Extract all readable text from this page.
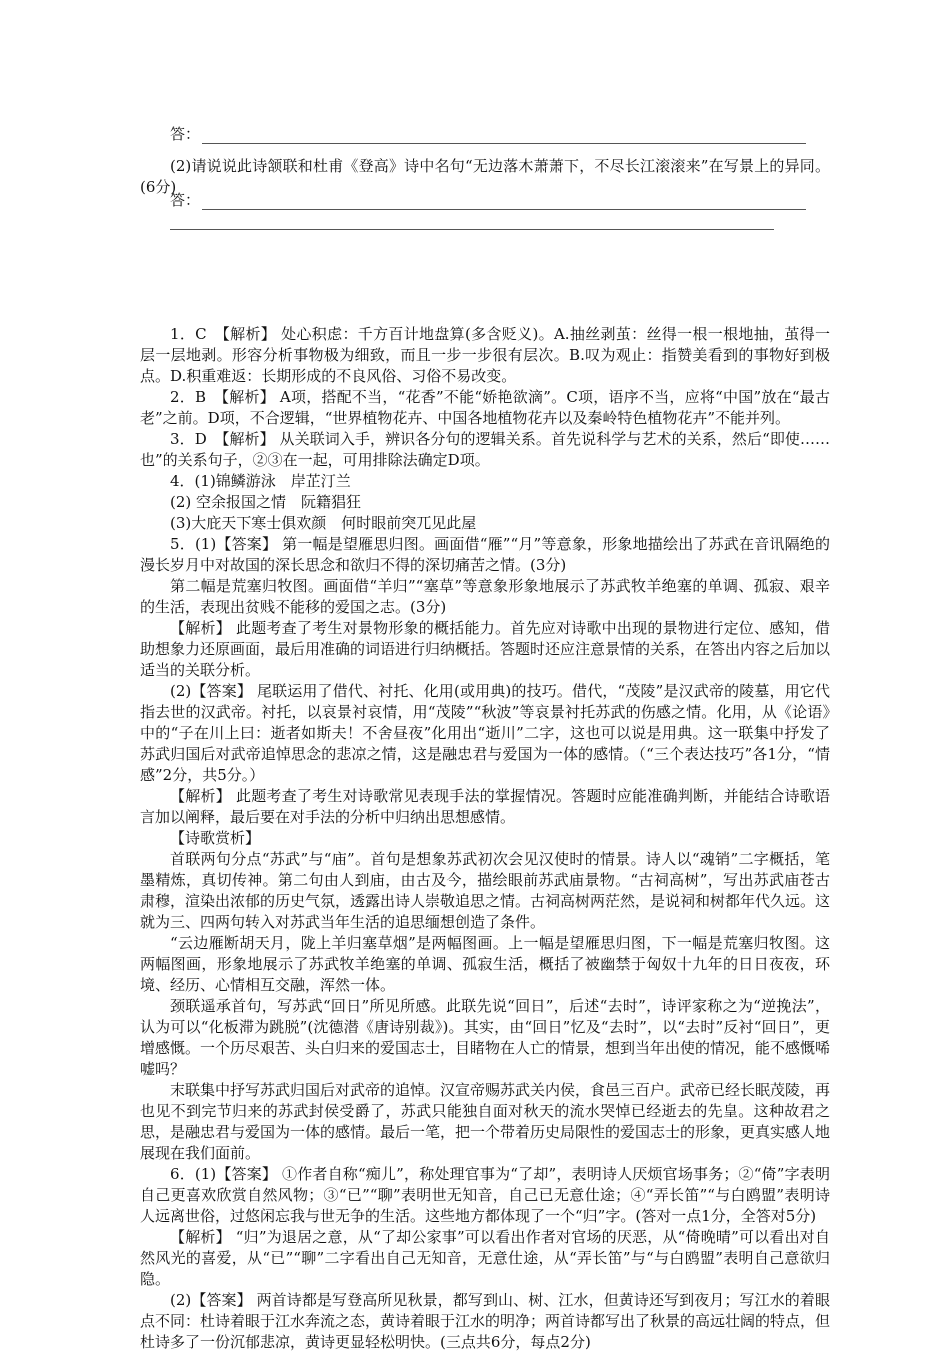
答：

(2)请说说此诗颔联和杜甫《登高》诗中名句“无边落木萧萧下，不尽长江滚滚来”在写景上的异同。(6分)

答：

1．C　【解析】 处心积虑：千方百计地盘算(多含贬义)。A.抽丝剥茧：丝得一根一根地抽，茧得一层一层地剥。形容分析事物极为细致，而且一步一步很有层次。B.叹为观止：指赞美看到的事物好到极点。D.积重难返：长期形成的不良风俗、习俗不易改变。

2．B　【解析】 A项，搭配不当，“花香”不能“娇艳欲滴”。C项，语序不当，应将“中国”放在“最古老”之前。D项，不合逻辑，“世界植物花卉、中国各地植物花卉以及秦岭特色植物花卉”不能并列。

3．D　【解析】 从关联词入手，辨识各分句的逻辑关系。首先说科学与艺术的关系，然后“即使……也”的关系句子，②③在一起，可用排除法确定D项。

4．(1)锦鳞游泳　岸芷汀兰

(2) 空余报国之情　阮籍猖狂

(3)大庇天下寒士俱欢颜　何时眼前突兀见此屋

5．(1)【答案】 第一幅是望雁思归图。画面借“雁”“月”等意象，形象地描绘出了苏武在音讯隔绝的漫长岁月中对故国的深长思念和欲归不得的深切痛苦之情。(3分)

第二幅是荒塞归牧图。画面借“羊归”“塞草”等意象形象地展示了苏武牧羊绝塞的单调、孤寂、艰辛的生活，表现出贫贱不能移的爱国之志。(3分)

【解析】 此题考查了考生对景物形象的概括能力。首先应对诗歌中出现的景物进行定位、感知，借助想象力还原画面，最后用准确的词语进行归纳概括。答题时还应注意景情的关系，在答出内容之后加以适当的关联分析。

(2)【答案】 尾联运用了借代、衬托、化用(或用典)的技巧。借代，“茂陵”是汉武帝的陵墓，用它代指去世的汉武帝。衬托，以哀景衬哀情，用“茂陵”“秋波”等哀景衬托苏武的伤感之情。化用，从《论语》中的“子在川上曰：逝者如斯夫！不舍昼夜”化用出“逝川”二字，这也可以说是用典。这一联集中抒发了苏武归国后对武帝追悼思念的悲凉之情，这是融忠君与爱国为一体的感情。（“三个表达技巧”各1分，“情感”2分，共5分。）

【解析】 此题考查了考生对诗歌常见表现手法的掌握情况。答题时应能准确判断，并能结合诗歌语言加以阐释，最后要在对手法的分析中归纳出思想感情。

【诗歌赏析】

首联两句分点“苏武”与“庙”。首句是想象苏武初次会见汉使时的情景。诗人以“魂销”二字概括，笔墨精炼，真切传神。第二句由人到庙，由古及今，描绘眼前苏武庙景物。“古祠高树”，写出苏武庙苍古肃穆，渲染出浓郁的历史气氛，透露出诗人崇敬追思之情。古祠高树两茫然，是说祠和树都年代久远。这就为三、四两句转入对苏武当年生活的追思缅想创造了条件。

“云边雁断胡天月，陇上羊归塞草烟”是两幅图画。上一幅是望雁思归图，下一幅是荒塞归牧图。这两幅图画，形象地展示了苏武牧羊绝塞的单调、孤寂生活，概括了被幽禁于匈奴十九年的日日夜夜，环境、经历、心情相互交融，浑然一体。

颈联遥承首句，写苏武“回日”所见所感。此联先说“回日”，后述“去时”，诗评家称之为“逆挽法”，认为可以“化板滞为跳脱”(沈德潜《唐诗别裁》)。其实，由“回日”忆及“去时”，以“去时”反衬“回日”，更增感慨。一个历尽艰苦、头白归来的爱国志士，目睹物在人亡的情景，想到当年出使的情况，能不感慨唏嘘吗？

末联集中抒写苏武归国后对武帝的追悼。汉宣帝赐苏武关内侯，食邑三百户。武帝已经长眠茂陵，再也见不到完节归来的苏武封侯受爵了，苏武只能独自面对秋天的流水哭悼已经逝去的先皇。这种故君之思，是融忠君与爱国为一体的感情。最后一笔，把一个带着历史局限性的爱国志士的形象，更真实感人地展现在我们面前。

6．(1)【答案】 ①作者自称“痴儿”，称处理官事为“了却”，表明诗人厌烦官场事务；②“倚”字表明自己更喜欢欣赏自然风物；③“已”“聊”表明世无知音，自己已无意仕途；④“弄长笛”“与白鸥盟”表明诗人远离世俗，过悠闲忘我与世无争的生活。这些地方都体现了一个“归”字。(答对一点1分，全答对5分)

【解析】 “归”为退居之意，从“了却公家事”可以看出作者对官场的厌恶，从“倚晚晴”可以看出对自然风光的喜爱，从“已”“聊”二字看出自己无知音，无意仕途，从“弄长笛”与“与白鸥盟”表明自己意欲归隐。

(2)【答案】 两首诗都是写登高所见秋景，都写到山、树、江水，但黄诗还写到夜月；写江水的着眼点不同：杜诗着眼于江水奔流之态，黄诗着眼于江水的明净；两首诗都写出了秋景的高远壮阔的特点，但杜诗多了一份沉郁悲凉，黄诗更显轻松明快。(三点共6分，每点2分)
